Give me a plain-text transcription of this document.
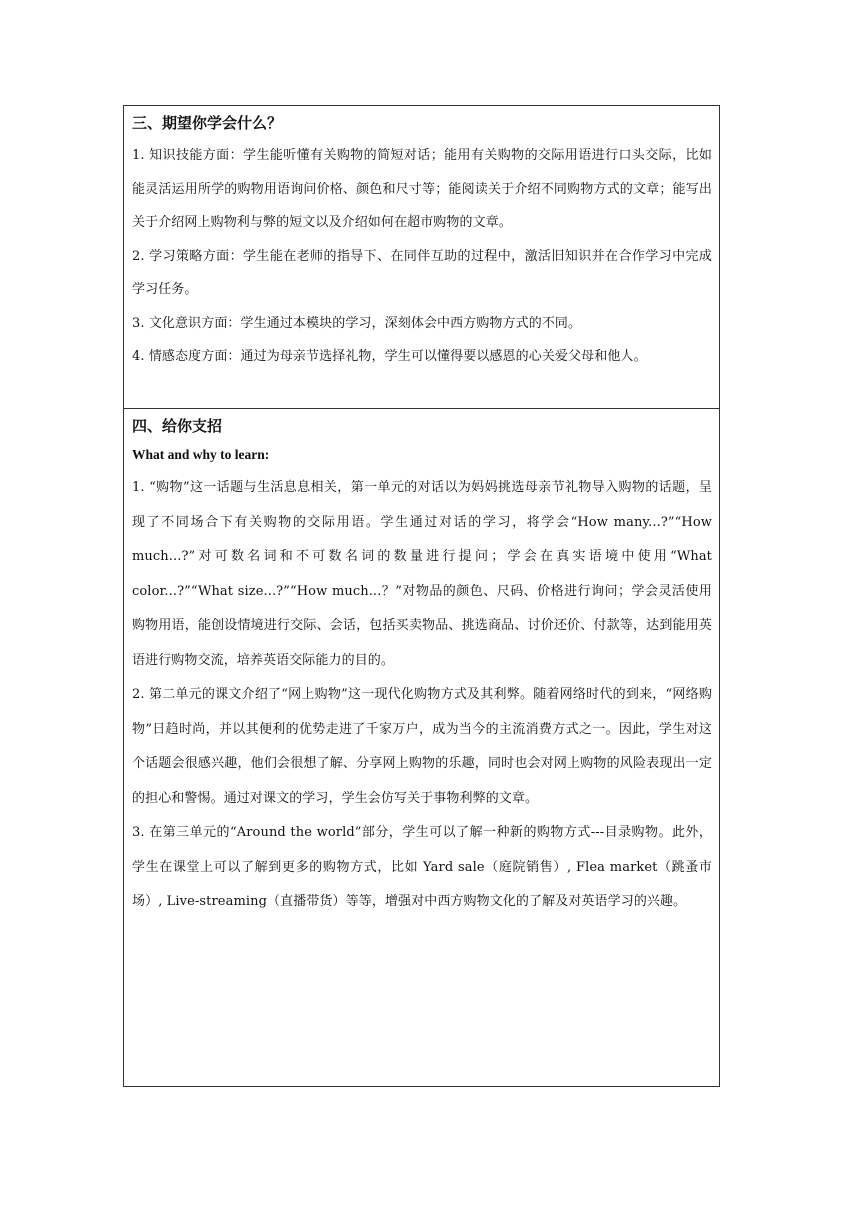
三、期望你学会什么？

1. 知识技能方面：学生能听懂有关购物的简短对话；能用有关购物的交际用语进行口头交际，比如能灵活运用所学的购物用语询问价格、颜色和尺寸等；能阅读关于介绍不同购物方式的文章；能写出关于介绍网上购物利与弊的短文以及介绍如何在超市购物的文章。

2. 学习策略方面：学生能在老师的指导下、在同伴互助的过程中，激活旧知识并在合作学习中完成学习任务。

3. 文化意识方面：学生通过本模块的学习，深刻体会中西方购物方式的不同。

4. 情感态度方面：通过为母亲节选择礼物，学生可以懂得要以感恩的心关爱父母和他人。

四、给你支招

What and why to learn:

1. “购物”这一话题与生活息息相关，第一单元的对话以为妈妈挑选母亲节礼物导入购物的话题，呈现了不同场合下有关购物的交际用语。学生通过对话的学习，将学会“How many...?”“How much...?”对可数名词和不可数名词的数量进行提问；学会在真实语境中使用“What color...?”“What size...?”“How much...？”对物品的颜色、尺码、价格进行询问；学会灵活使用购物用语，能创设情境进行交际、会话，包括买卖物品、挑选商品、讨价还价、付款等，达到能用英语进行购物交流，培养英语交际能力的目的。

2. 第二单元的课文介绍了“网上购物”这一现代化购物方式及其利弊。随着网络时代的到来，“网络购物”日趋时尚，并以其便利的优势走进了千家万户，成为当今的主流消费方式之一。因此，学生对这个话题会很感兴趣，他们会很想了解、分享网上购物的乐趣，同时也会对网上购物的风险表现出一定的担心和警惕。通过对课文的学习，学生会仿写关于事物利弊的文章。

3. 在第三单元的“Around the world”部分，学生可以了解一种新的购物方式---目录购物。此外，学生在课堂上可以了解到更多的购物方式，比如 Yard sale（庭院销售）, Flea market（跳蚤市场）, Live-streaming（直播带货）等等，增强对中西方购物文化的了解及对英语学习的兴趣。
